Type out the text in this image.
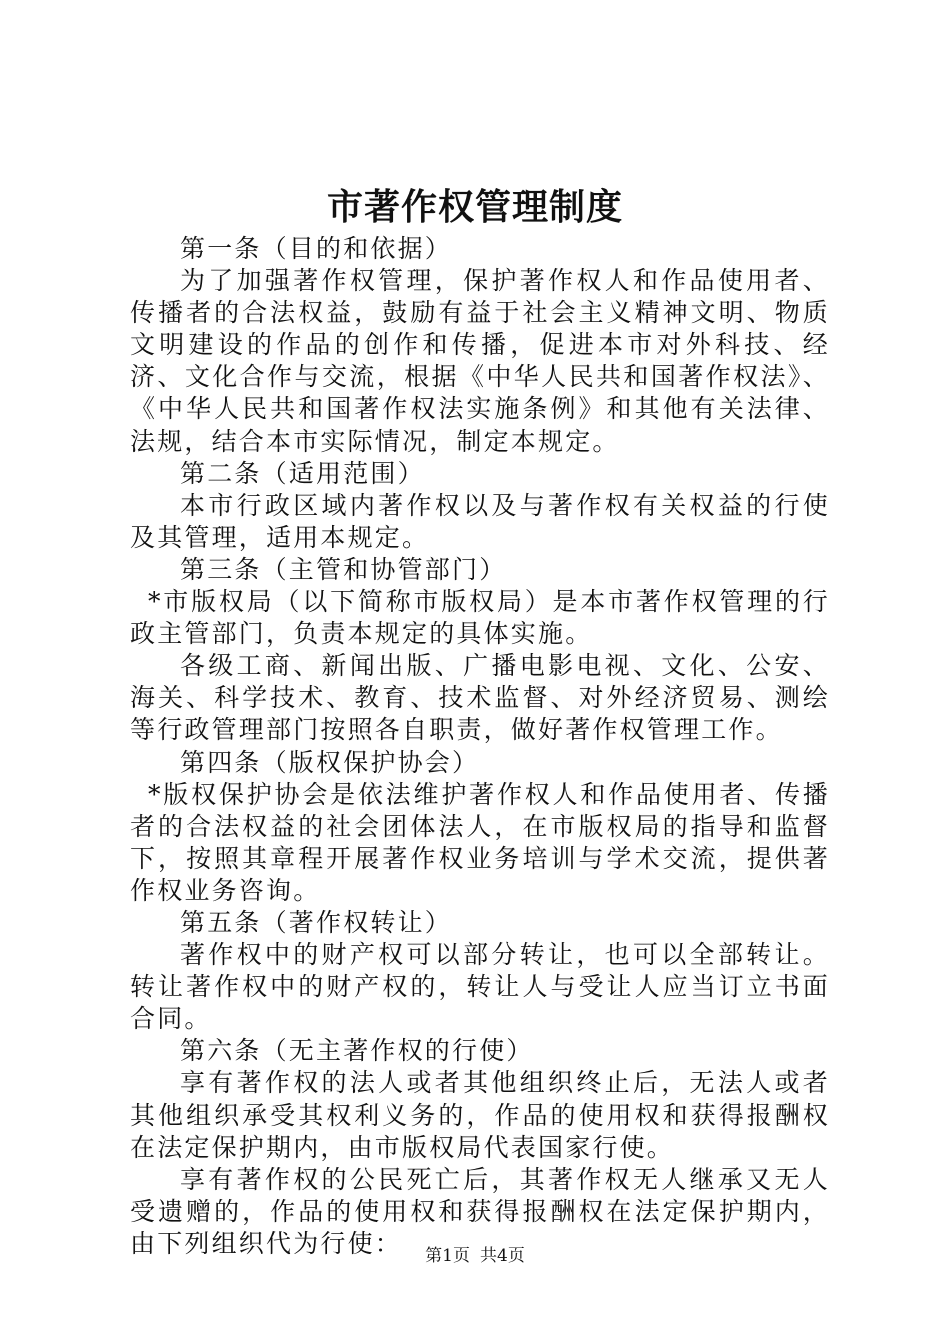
市著作权管理制度

第一条（目的和依据）

为了加强著作权管理，保护著作权人和作品使用者、传播者的合法权益，鼓励有益于社会主义精神文明、物质文明建设的作品的创作和传播，促进本市对外科技、经济、文化合作与交流，根据《中华人民共和国著作权法》、《中华人民共和国著作权法实施条例》和其他有关法律、法规，结合本市实际情况，制定本规定。

第二条（适用范围）

本市行政区域内著作权以及与著作权有关权益的行使及其管理，适用本规定。

第三条（主管和协管部门）

*市版权局（以下简称市版权局）是本市著作权管理的行政主管部门，负责本规定的具体实施。

各级工商、新闻出版、广播电影电视、文化、公安、海关、科学技术、教育、技术监督、对外经济贸易、测绘等行政管理部门按照各自职责，做好著作权管理工作。

第四条（版权保护协会）

*版权保护协会是依法维护著作权人和作品使用者、传播者的合法权益的社会团体法人，在市版权局的指导和监督下，按照其章程开展著作权业务培训与学术交流，提供著作权业务咨询。

第五条（著作权转让）

著作权中的财产权可以部分转让，也可以全部转让。转让著作权中的财产权的，转让人与受让人应当订立书面合同。

第六条（无主著作权的行使）

享有著作权的法人或者其他组织终止后，无法人或者其他组织承受其权利义务的，作品的使用权和获得报酬权在法定保护期内，由市版权局代表国家行使。

享有著作权的公民死亡后，其著作权无人继承又无人受遗赠的，作品的使用权和获得报酬权在法定保护期内，由下列组织代为行使：	第1页 共4页
